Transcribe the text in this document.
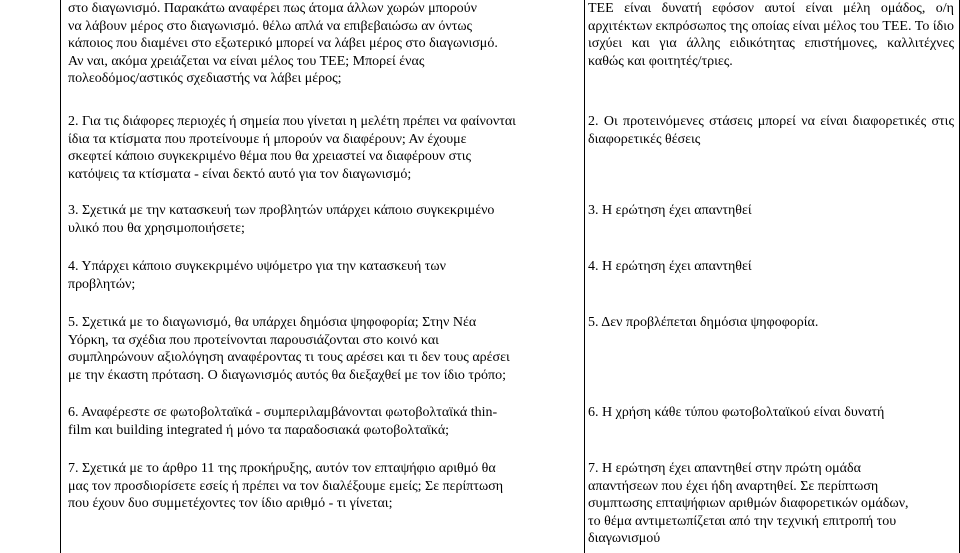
στο διαγωνισμό. Παρακάτω αναφέρει πως άτομα άλλων χωρών μπορούν
να λάβουν μέρος στο διαγωνισμό. θέλω απλά να επιβεβαιώσω αν όντως
κάποιος που διαμένει στο εξωτερικό μπορεί να λάβει μέρος στο διαγωνισμό.
Αν ναι, ακόμα χρειάζεται να είναι μέλος του ΤΕΕ; Μπορεί ένας
πολεοδόμος/αστικός σχεδιαστής να λάβει μέρος;
2. Για τις διάφορες περιοχές ή σημεία που γίνεται η μελέτη πρέπει να φαίνονται
ίδια τα κτίσματα που προτείνουμε ή μπορούν να διαφέρουν; Αν έχουμε
σκεφτεί κάποιο συγκεκριμένο θέμα που θα χρειαστεί να διαφέρουν στις
κατόψεις τα κτίσματα - είναι δεκτό αυτό για τον διαγωνισμό;
3. Σχετικά με την κατασκευή των προβλητών υπάρχει κάποιο συγκεκριμένο
υλικό που θα χρησιμοποιήσετε;
4. Υπάρχει κάποιο συγκεκριμένο υψόμετρο για την κατασκευή των
προβλητών;
5. Σχετικά με το διαγωνισμό, θα υπάρχει δημόσια ψηφοφορία; Στην Νέα
Υόρκη, τα σχέδια που προτείνονται παρουσιάζονται στο κοινό και
συμπληρώνουν αξιολόγηση αναφέροντας τι τους αρέσει και τι δεν τους αρέσει
με την έκαστη πρόταση. Ο διαγωνισμός αυτός θα διεξαχθεί με τον ίδιο τρόπο;
6. Αναφέρεστε σε φωτοβολταϊκά - συμπεριλαμβάνονται φωτοβολταϊκά thin-
film και building integrated ή μόνο τα παραδοσιακά φωτοβολταϊκά;
7. Σχετικά με το άρθρο 11 της προκήρυξης, αυτόν τον επταψήφιο αριθμό θα
μας τον προσδιορίσετε εσείς ή πρέπει να τον διαλέξουμε εμείς; Σε περίπτωση
που έχουν δυο συμμετέχοντες τον ίδιο αριθμό - τι γίνεται;
ΤΕΕ είναι δυνατή εφόσον αυτοί είναι μέλη ομάδος, ο/η αρχιτέκτων εκπρόσωπος της οποίας είναι μέλος του ΤΕΕ. Το ίδιο ισχύει και για άλλης ειδικότητας επιστήμονες, καλλιτέχνες καθώς και φοιτητές/τριες.
2. Οι προτεινόμενες στάσεις μπορεί να είναι διαφορετικές στις διαφορετικές θέσεις
3. Η ερώτηση έχει απαντηθεί
4. Η ερώτηση έχει απαντηθεί
5. Δεν προβλέπεται δημόσια ψηφοφορία.
6. Η χρήση κάθε τύπου φωτοβολταϊκού είναι δυνατή
7. Η ερώτηση έχει απαντηθεί στην πρώτη ομάδα
απαντήσεων που έχει ήδη αναρτηθεί. Σε περίπτωση
συμπτωσης επταψήφιων αριθμών διαφορετικών ομάδων,
το θέμα αντιμετωπίζεται από την τεχνική επιτροπή του
διαγωνισμού
